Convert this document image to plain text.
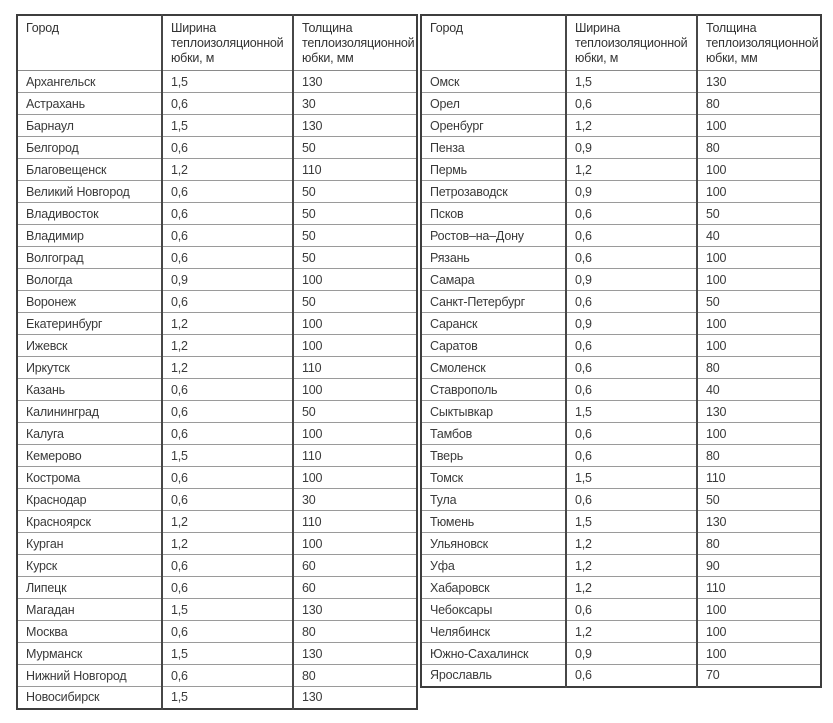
Город	Ширина теплоизоляционной юбки, м	Толщина теплоизоляционной юбки, мм
Архангельск	1,5	130
Астрахань	0,6	30
Барнаул	1,5	130
Белгород	0,6	50
Благовещенск	1,2	110
Великий Новгород	0,6	50
Владивосток	0,6	50
Владимир	0,6	50
Волгоград	0,6	50
Вологда	0,9	100
Воронеж	0,6	50
Екатеринбург	1,2	100
Ижевск	1,2	100
Иркутск	1,2	110
Казань	0,6	100
Калининград	0,6	50
Калуга	0,6	100
Кемерово	1,5	110
Кострома	0,6	100
Краснодар	0,6	30
Красноярск	1,2	110
Курган	1,2	100
Курск	0,6	60
Липецк	0,6	60
Магадан	1,5	130
Москва	0,6	80
Мурманск	1,5	130
Нижний Новгород	0,6	80
Новосибирск	1,5	130
Город	Ширина теплоизоляционной юбки, м	Толщина теплоизоляционной юбки, мм
Омск	1,5	130
Орел	0,6	80
Оренбург	1,2	100
Пенза	0,9	80
Пермь	1,2	100
Петрозаводск	0,9	100
Псков	0,6	50
Ростов–на–Дону	0,6	40
Рязань	0,6	100
Самара	0,9	100
Санкт-Петербург	0,6	50
Саранск	0,9	100
Саратов	0,6	100
Смоленск	0,6	80
Ставрополь	0,6	40
Сыктывкар	1,5	130
Тамбов	0,6	100
Тверь	0,6	80
Томск	1,5	110
Тула	0,6	50
Тюмень	1,5	130
Ульяновск	1,2	80
Уфа	1,2	90
Хабаровск	1,2	110
Чебоксары	0,6	100
Челябинск	1,2	100
Южно-Сахалинск	0,9	100
Ярославль	0,6	70
